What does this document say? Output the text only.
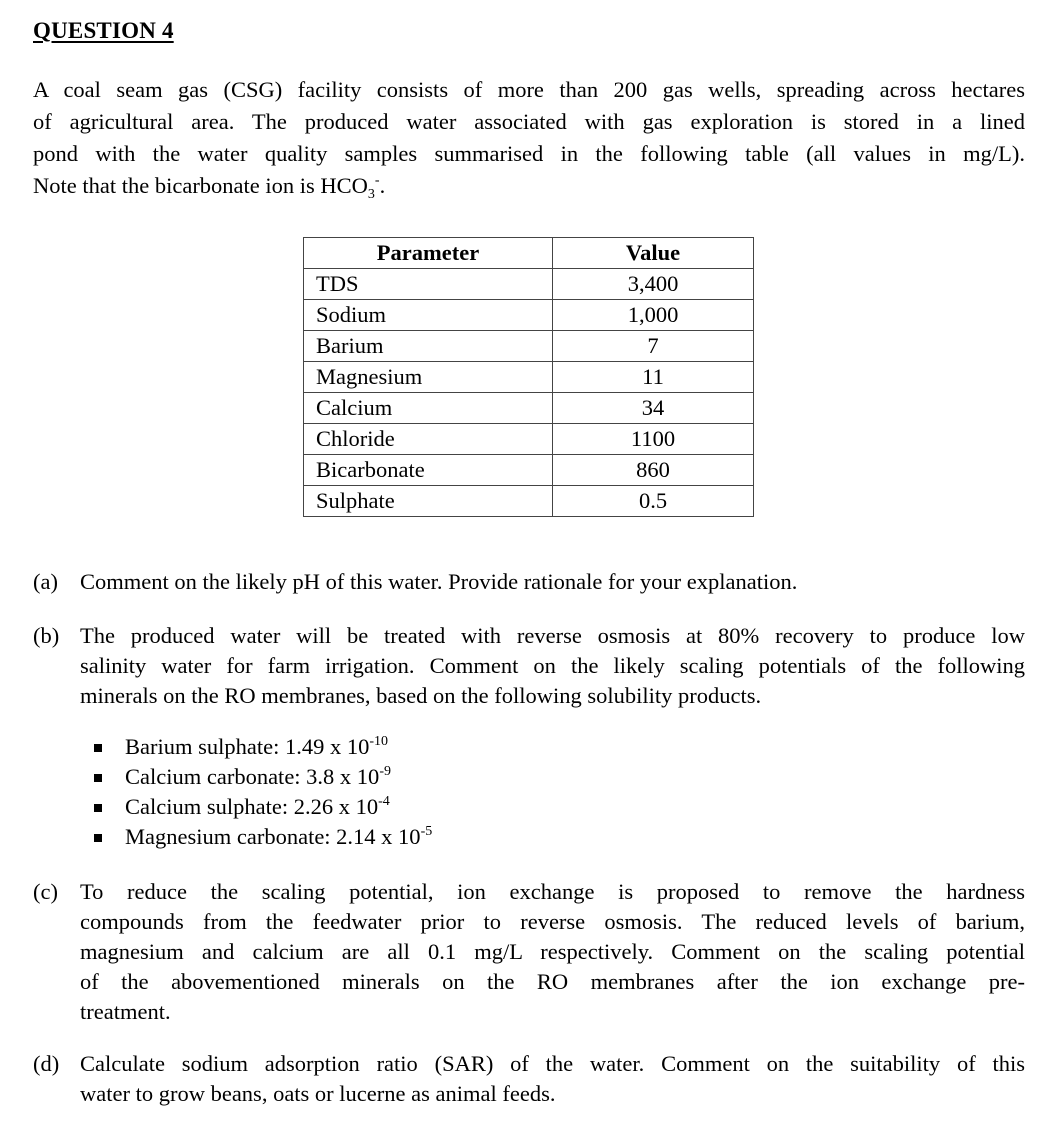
QUESTION 4
A coal seam gas (CSG) facility consists of more than 200 gas wells, spreading across hectares
of agricultural area. The produced water associated with gas exploration is stored in a lined
pond with the water quality samples summarised in the following table (all values in mg/L).
Note that the bicarbonate ion is $HCO_3^-$.
Parameter	Value
TDS	3,400
Sodium	1,000
Barium	7
Magnesium	11
Calcium	34
Chloride	1100
Bicarbonate	860
Sulphate	0.5
(a) Comment on the likely pH of this water. Provide rationale for your explanation.
(b) The produced water will be treated with reverse osmosis at 80% recovery to produce low
salinity water for farm irrigation. Comment on the likely scaling potentials of the following
minerals on the RO membranes, based on the following solubility products.
Barium sulphate: 1.49 x $10^{-10}$
Calcium carbonate: 3.8 x $10^{-9}$
Calcium sulphate: 2.26 x $10^{-4}$
Magnesium carbonate: 2.14 x $10^{-5}$
(c) To reduce the scaling potential, ion exchange is proposed to remove the hardness
compounds from the feedwater prior to reverse osmosis. The reduced levels of barium,
magnesium and calcium are all 0.1 mg/L respectively. Comment on the scaling potential
of the abovementioned minerals on the RO membranes after the ion exchange pre-
treatment.
(d) Calculate sodium adsorption ratio (SAR) of the water. Comment on the suitability of this
water to grow beans, oats or lucerne as animal feeds.
